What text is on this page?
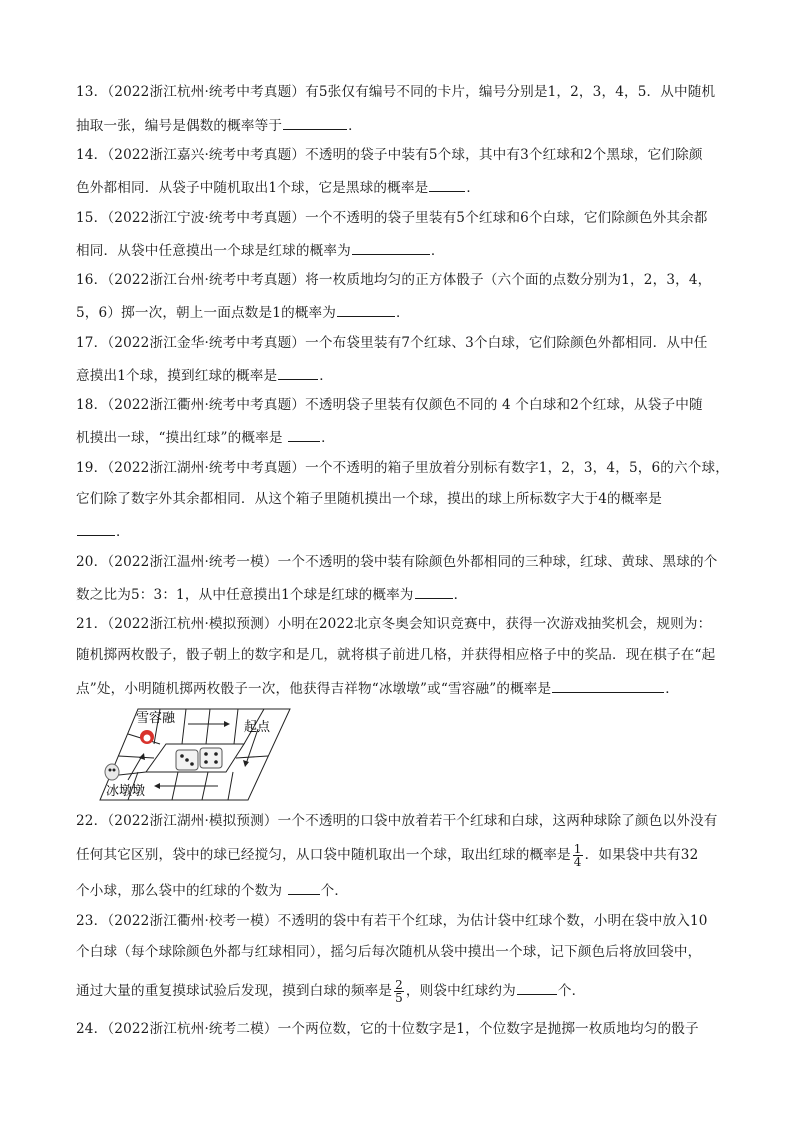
13．（2022浙江杭州·统考中考真题）有5张仅有编号不同的卡片，编号分别是1，2，3，4，5．从中随机
抽取一张，编号是偶数的概率等于	．
14．（2022浙江嘉兴·统考中考真题）不透明的袋子中装有5个球，其中有3个红球和2个黑球，它们除颜
色外都相同．从袋子中随机取出1个球，它是黑球的概率是	．
15．（2022浙江宁波·统考中考真题）一个不透明的袋子里装有5个红球和6个白球，它们除颜色外其余都
相同．从袋中任意摸出一个球是红球的概率为	．
16．（2022浙江台州·统考中考真题）将一枚质地均匀的正方体骰子（六个面的点数分别为1，2，3，4，
5，6）掷一次，朝上一面点数是1的概率为	．
17．（2022浙江金华·统考中考真题）一个布袋里装有7个红球、3个白球，它们除颜色外都相同．从中任
意摸出1个球，摸到红球的概率是	．
18．（2022浙江衢州·统考中考真题）不透明袋子里装有仅颜色不同的 4 个白球和2个红球，从袋子中随
机摸出一球，“摸出红球”的概率是	．
19．（2022浙江湖州·统考中考真题）一个不透明的箱子里放着分别标有数字1，2，3，4，5，6的六个球，
它们除了数字外其余都相同．从这个箱子里随机摸出一个球，摸出的球上所标数字大于4的概率是
．
20．（2022浙江温州·统考一模）一个不透明的袋中装有除颜色外都相同的三种球，红球、黄球、黑球的个
数之比为5：3：1，从中任意摸出1个球是红球的概率为	．
21．（2022浙江杭州·模拟预测）小明在2022北京冬奥会知识竞赛中，获得一次游戏抽奖机会，规则为：
随机掷两枚骰子，骰子朝上的数字和是几，就将棋子前进几格，并获得相应格子中的奖品．现在棋子在“起
点”处，小明随机掷两枚骰子一次，他获得吉祥物“冰墩墩”或“雪容融”的概率是	．
雪容融
起点
冰墩墩
22．（2022浙江湖州·模拟预测）一个不透明的口袋中放着若干个红球和白球，这两种球除了颜色以外没有
任何其它区别，袋中的球已经搅匀，从口袋中随机取出一个球，取出红球的概率是 $\frac{1}{4}$ ．如果袋中共有32
个小球，那么袋中的红球的个数为	个．
23．（2022浙江衢州·校考一模）不透明的袋中有若干个红球，为估计袋中红球个数，小明在袋中放入10
个白球（每个球除颜色外都与红球相同），摇匀后每次随机从袋中摸出一个球，记下颜色后将放回袋中，
通过大量的重复摸球试验后发现，摸到白球的频率是 $\frac{2}{5}$ ，则袋中红球约为	个．
24．（2022浙江杭州·统考二模）一个两位数，它的十位数字是1，个位数字是抛掷一枚质地均匀的骰子
